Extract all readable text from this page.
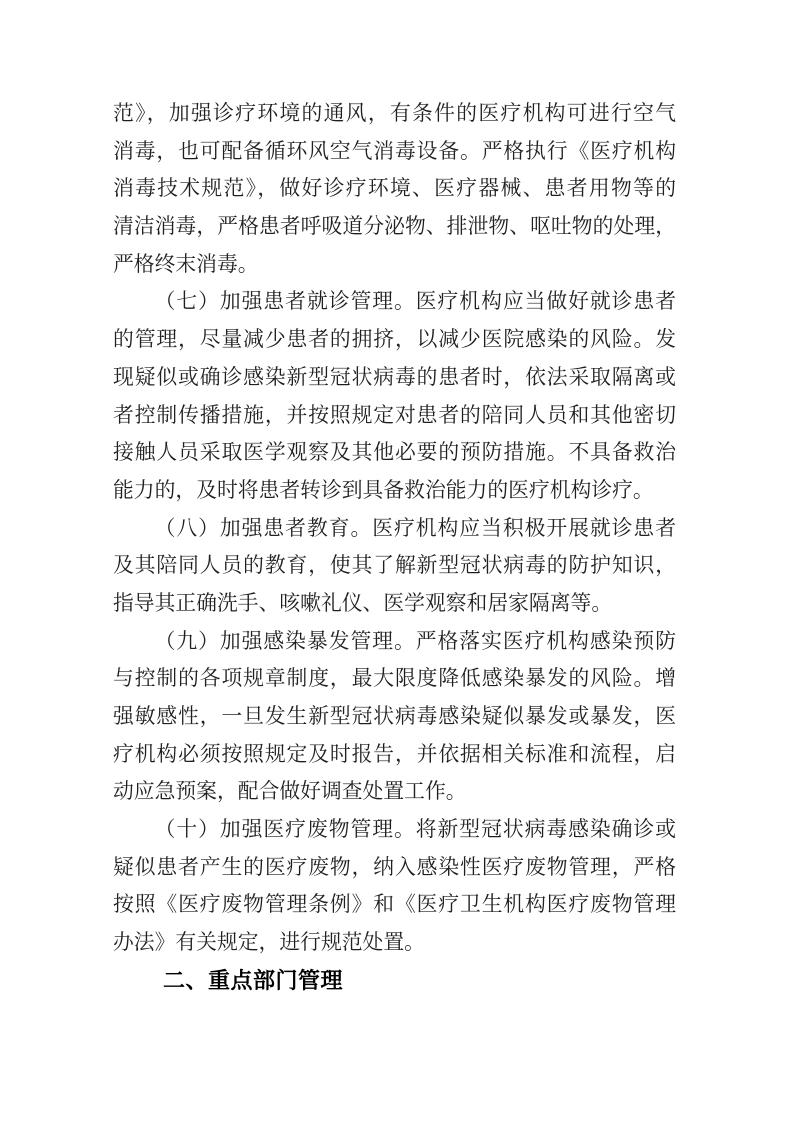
范》，加强诊疗环境的通风，有条件的医疗机构可进行空气
消毒，也可配备循环风空气消毒设备。严格执行《医疗机构
消毒技术规范》，做好诊疗环境、医疗器械、患者用物等的
清洁消毒，严格患者呼吸道分泌物、排泄物、呕吐物的处理，
严格终末消毒。
（七）加强患者就诊管理。医疗机构应当做好就诊患者
的管理，尽量减少患者的拥挤，以减少医院感染的风险。发
现疑似或确诊感染新型冠状病毒的患者时，依法采取隔离或
者控制传播措施，并按照规定对患者的陪同人员和其他密切
接触人员采取医学观察及其他必要的预防措施。不具备救治
能力的，及时将患者转诊到具备救治能力的医疗机构诊疗。
（八）加强患者教育。医疗机构应当积极开展就诊患者
及其陪同人员的教育，使其了解新型冠状病毒的防护知识，
指导其正确洗手、咳嗽礼仪、医学观察和居家隔离等。
（九）加强感染暴发管理。严格落实医疗机构感染预防
与控制的各项规章制度，最大限度降低感染暴发的风险。增
强敏感性，一旦发生新型冠状病毒感染疑似暴发或暴发，医
疗机构必须按照规定及时报告，并依据相关标准和流程，启
动应急预案，配合做好调查处置工作。
（十）加强医疗废物管理。将新型冠状病毒感染确诊或
疑似患者产生的医疗废物，纳入感染性医疗废物管理，严格
按照《医疗废物管理条例》和《医疗卫生机构医疗废物管理
办法》有关规定，进行规范处置。
二、重点部门管理
